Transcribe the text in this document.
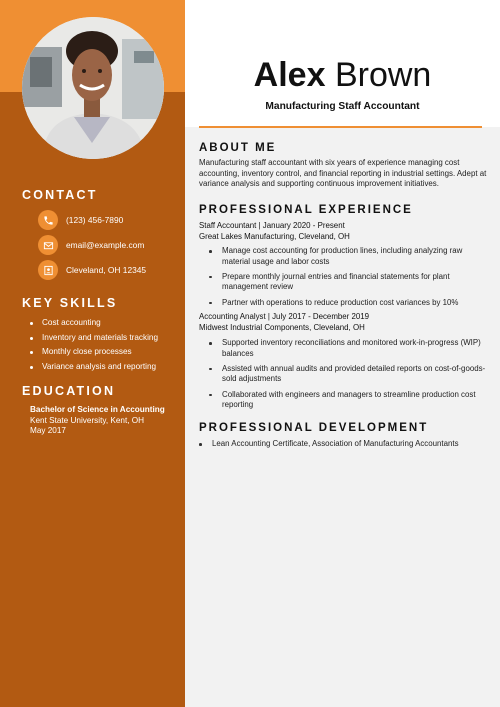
CONTACT
(123) 456-7890
email@example.com
Cleveland, OH 12345
KEY SKILLS
Cost accounting
Inventory and materials tracking
Monthly close processes
Variance analysis and reporting
EDUCATION
Bachelor of Science in Accounting
Kent State University, Kent, OH
May 2017
Alex Brown
Manufacturing Staff Accountant
ABOUT ME
Manufacturing staff accountant with six years of experience managing cost accounting, inventory control, and financial reporting in industrial settings. Adept at variance analysis and supporting continuous improvement initiatives.
PROFESSIONAL EXPERIENCE
Staff Accountant | January 2020 - Present
Great Lakes Manufacturing, Cleveland, OH
Manage cost accounting for production lines, including analyzing raw material usage and labor costs
Prepare monthly journal entries and financial statements for plant management review
Partner with operations to reduce production cost variances by 10%
Accounting Analyst | July 2017 - December 2019
Midwest Industrial Components, Cleveland, OH
Supported inventory reconciliations and monitored work-in-progress (WIP) balances
Assisted with annual audits and provided detailed reports on cost-of-goods-sold adjustments
Collaborated with engineers and managers to streamline production cost reporting
PROFESSIONAL DEVELOPMENT
Lean Accounting Certificate, Association of Manufacturing Accountants
